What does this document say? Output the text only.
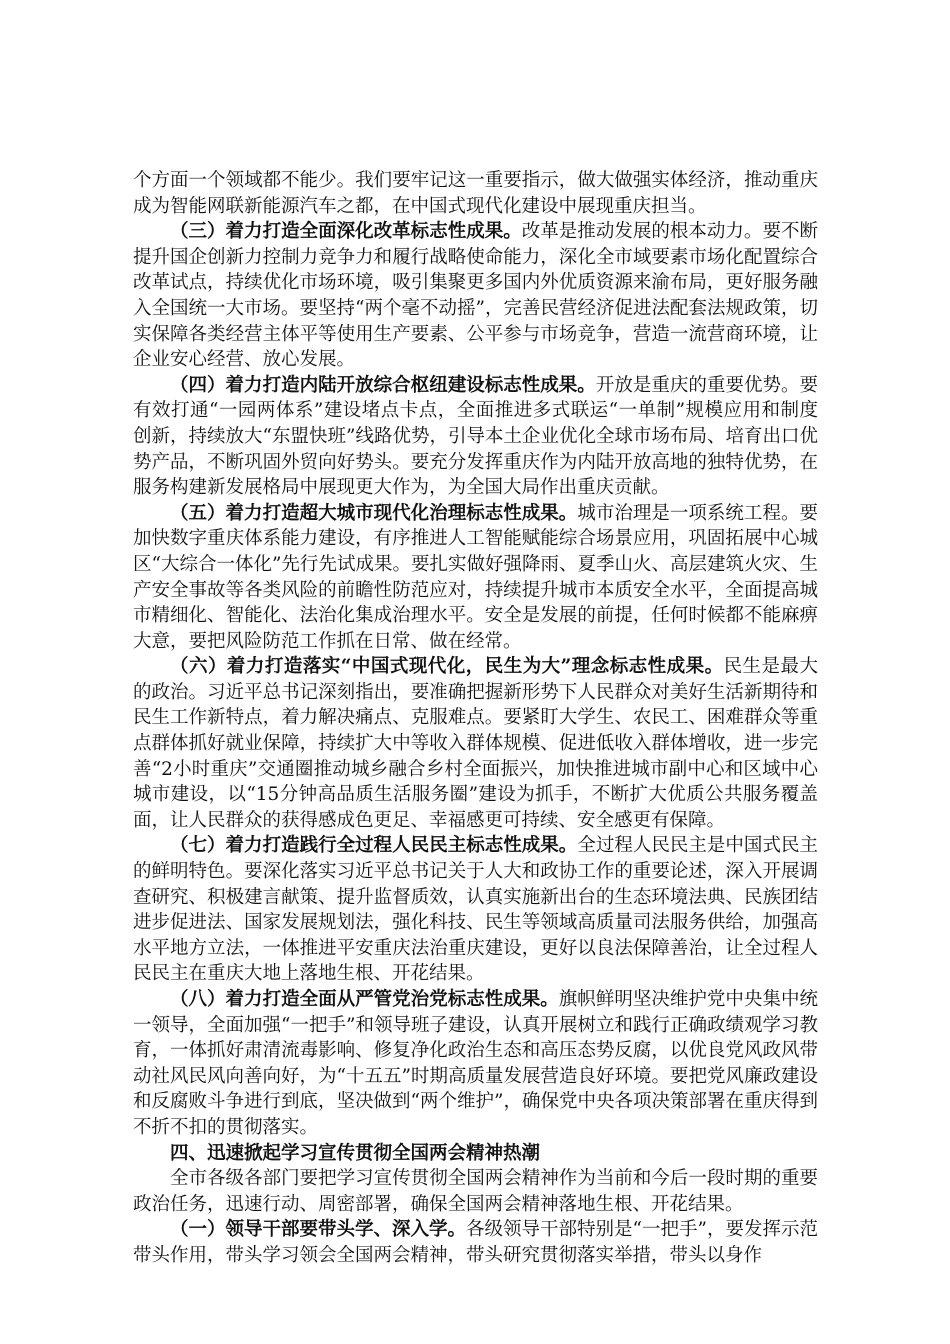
个方面一个领域都不能少。我们要牢记这一重要指示，做大做强实体经济，推动重庆成为智能网联新能源汽车之都，在中国式现代化建设中展现重庆担当。

（三）着力打造全面深化改革标志性成果。改革是推动发展的根本动力。要不断提升国企创新力控制力竞争力和履行战略使命能力，深化全市域要素市场化配置综合改革试点，持续优化市场环境，吸引集聚更多国内外优质资源来渝布局，更好服务融入全国统一大市场。要坚持“两个毫不动摇”，完善民营经济促进法配套法规政策，切实保障各类经营主体平等使用生产要素、公平参与市场竞争，营造一流营商环境，让企业安心经营、放心发展。

（四）着力打造内陆开放综合枢纽建设标志性成果。开放是重庆的重要优势。要有效打通“一园两体系”建设堵点卡点，全面推进多式联运“一单制”规模应用和制度创新，持续放大“东盟快班”线路优势，引导本土企业优化全球市场布局、培育出口优势产品，不断巩固外贸向好势头。要充分发挥重庆作为内陆开放高地的独特优势，在服务构建新发展格局中展现更大作为，为全国大局作出重庆贡献。

（五）着力打造超大城市现代化治理标志性成果。城市治理是一项系统工程。要加快数字重庆体系能力建设，有序推进人工智能赋能综合场景应用，巩固拓展中心城区“大综合一体化”先行先试成果。要扎实做好强降雨、夏季山火、高层建筑火灾、生产安全事故等各类风险的前瞻性防范应对，持续提升城市本质安全水平，全面提高城市精细化、智能化、法治化集成治理水平。安全是发展的前提，任何时候都不能麻痹大意，要把风险防范工作抓在日常、做在经常。

（六）着力打造落实“中国式现代化，民生为大”理念标志性成果。民生是最大的政治。习近平总书记深刻指出，要准确把握新形势下人民群众对美好生活新期待和民生工作新特点，着力解决痛点、克服难点。要紧盯大学生、农民工、困难群众等重点群体抓好就业保障，持续扩大中等收入群体规模、促进低收入群体增收，进一步完善“2小时重庆”交通圈推动城乡融合乡村全面振兴，加快推进城市副中心和区域中心城市建设，以“15分钟高品质生活服务圈”建设为抓手，不断扩大优质公共服务覆盖面，让人民群众的获得感成色更足、幸福感更可持续、安全感更有保障。

（七）着力打造践行全过程人民民主标志性成果。全过程人民民主是中国式民主的鲜明特色。要深化落实习近平总书记关于人大和政协工作的重要论述，深入开展调查研究、积极建言献策、提升监督质效，认真实施新出台的生态环境法典、民族团结进步促进法、国家发展规划法，强化科技、民生等领域高质量司法服务供给，加强高水平地方立法，一体推进平安重庆法治重庆建设，更好以良法保障善治，让全过程人民民主在重庆大地上落地生根、开花结果。

（八）着力打造全面从严管党治党标志性成果。旗帜鲜明坚决维护党中央集中统一领导，全面加强“一把手”和领导班子建设，认真开展树立和践行正确政绩观学习教育，一体抓好肃清流毒影响、修复净化政治生态和高压态势反腐，以优良党风政风带动社风民风向善向好，为“十五五”时期高质量发展营造良好环境。要把党风廉政建设和反腐败斗争进行到底，坚决做到“两个维护”，确保党中央各项决策部署在重庆得到不折不扣的贯彻落实。

四、迅速掀起学习宣传贯彻全国两会精神热潮

全市各级各部门要把学习宣传贯彻全国两会精神作为当前和今后一段时期的重要政治任务，迅速行动、周密部署，确保全国两会精神落地生根、开花结果。

（一）领导干部要带头学、深入学。各级领导干部特别是“一把手”，要发挥示范带头作用，带头学习领会全国两会精神，带头研究贯彻落实举措，带头以身作
